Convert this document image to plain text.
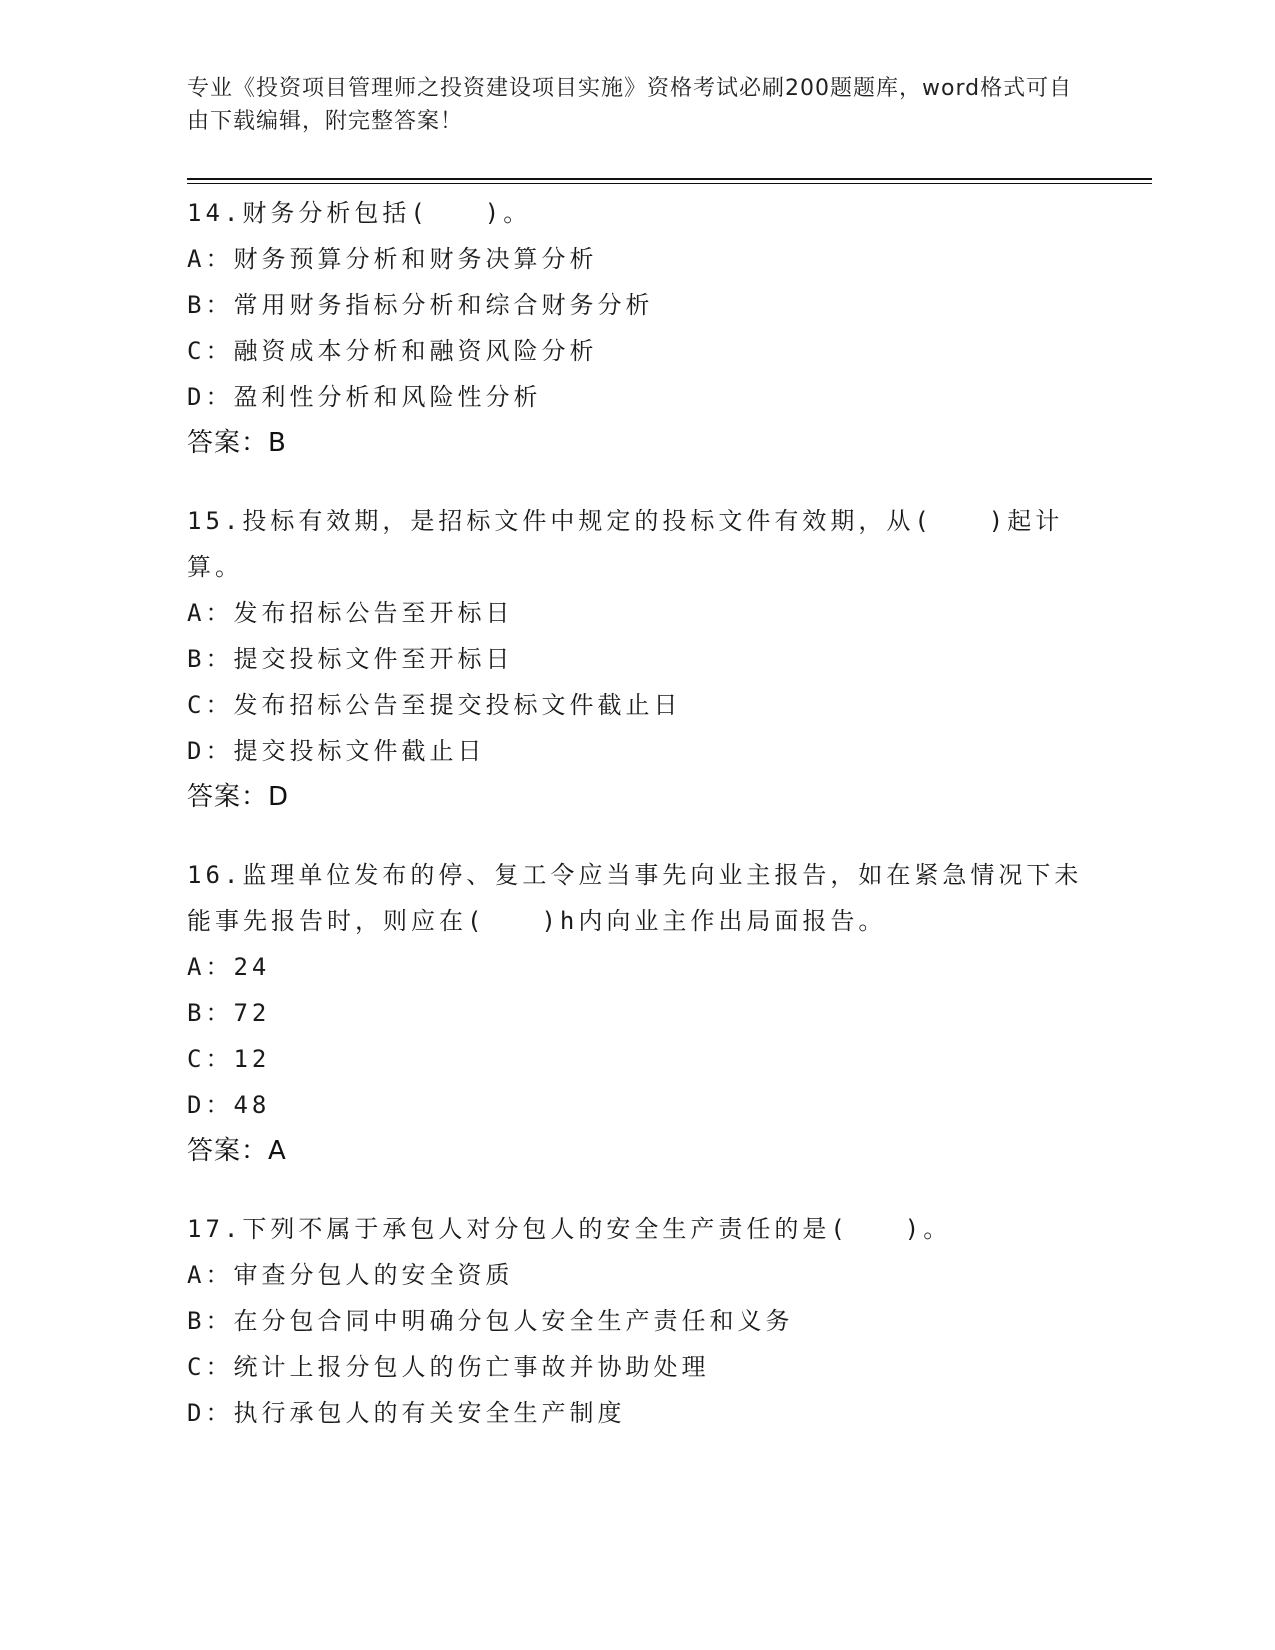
专业《投资项目管理师之投资建设项目实施》资格考试必刷200题题库，word格式可自由下载编辑，附完整答案！
14.财务分析包括(　　)。
A：财务预算分析和财务决算分析
B：常用财务指标分析和综合财务分析
C：融资成本分析和融资风险分析
D：盈利性分析和风险性分析
答案：B
15.投标有效期，是招标文件中规定的投标文件有效期，从(　　)起计算。
A：发布招标公告至开标日
B：提交投标文件至开标日
C：发布招标公告至提交投标文件截止日
D：提交投标文件截止日
答案：D
16.监理单位发布的停、复工令应当事先向业主报告，如在紧急情况下未能事先报告时，则应在(　　)h内向业主作出局面报告。
A：24
B：72
C：12
D：48
答案：A
17.下列不属于承包人对分包人的安全生产责任的是(　　)。
A：审查分包人的安全资质
B：在分包合同中明确分包人安全生产责任和义务
C：统计上报分包人的伤亡事故并协助处理
D：执行承包人的有关安全生产制度
